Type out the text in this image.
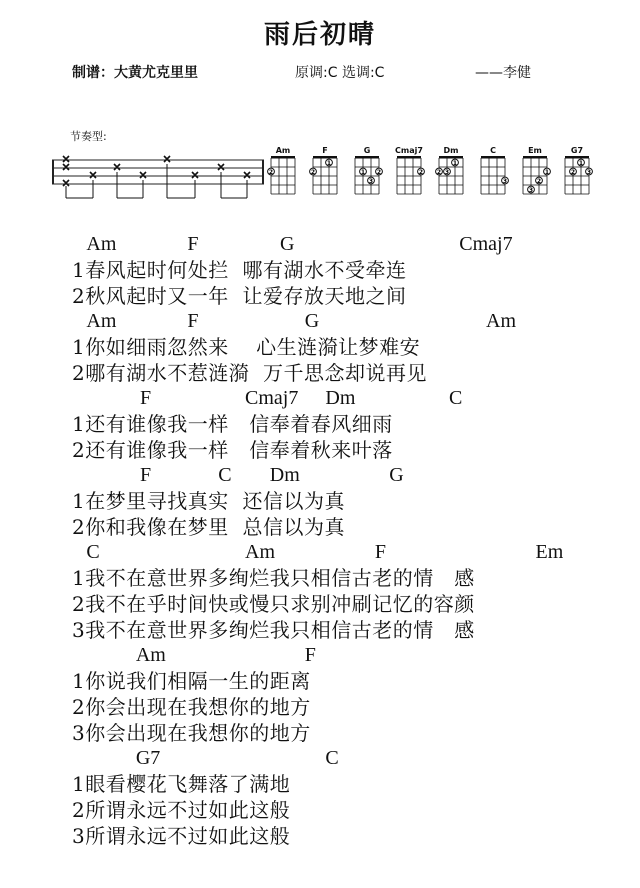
雨后初晴
制谱：大黄尤克里里	原调:C 选调:C	——李健
节奏型:
Am
2
F
2
1
G
1
3
2
Cmaj7
2
Dm
2 3
1
C
3
Em
3
2
1
G7
2
1
3
Am	F	G	Cmaj7
1春风起时何处拦  哪有湖水不受牵连
2秋风起时又一年  让爱存放天地之间
Am	F	G	Am
1你如细雨忽然来    心生涟漪让梦难安
2哪有湖水不惹涟漪  万千思念却说再见
F	Cmaj7 Dm	C
1还有谁像我一样   信奉着春风细雨
2还有谁像我一样   信奉着秋来叶落
F	C Dm	G
1在梦里寻找真实  还信以为真
2你和我像在梦里  总信以为真
C	Am	F	Em
1我不在意世界多绚烂我只相信古老的情   感
2我不在乎时间快或慢只求别冲刷记忆的容颜
3我不在意世界多绚烂我只相信古老的情   感
Am	F
1你说我们相隔一生的距离
2你会出现在我想你的地方
3你会出现在我想你的地方
G7	C
1眼看樱花飞舞落了满地
2所谓永远不过如此这般
3所谓永远不过如此这般
